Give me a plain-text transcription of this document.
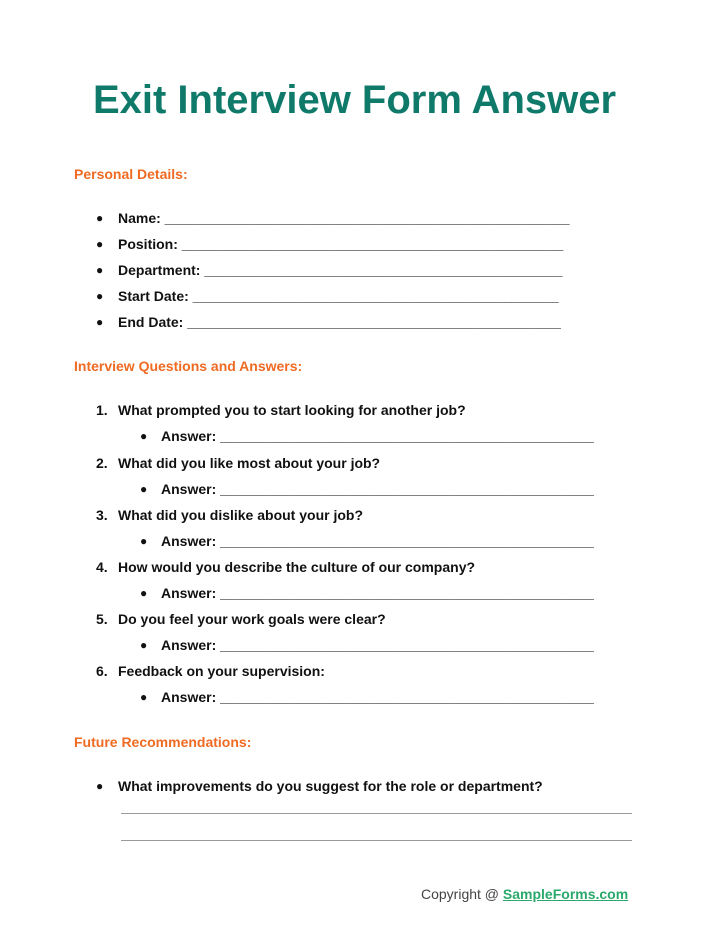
Exit Interview Form Answer
Personal Details:
● Name: ____________________________________________________
● Position: _________________________________________________
● Department: ______________________________________________
● Start Date: _______________________________________________
● End Date: ________________________________________________
Interview Questions and Answers:
1. What prompted you to start looking for another job?
● Answer: ________________________________________________
2. What did you like most about your job?
● Answer: ________________________________________________
3. What did you dislike about your job?
● Answer: ________________________________________________
4. How would you describe the culture of our company?
● Answer: ________________________________________________
5. Do you feel your work goals were clear?
● Answer: ________________________________________________
6. Feedback on your supervision:
● Answer: ________________________________________________
Future Recommendations:
● What improvements do you suggest for the role or department?
Copyright @ SampleForms.com
